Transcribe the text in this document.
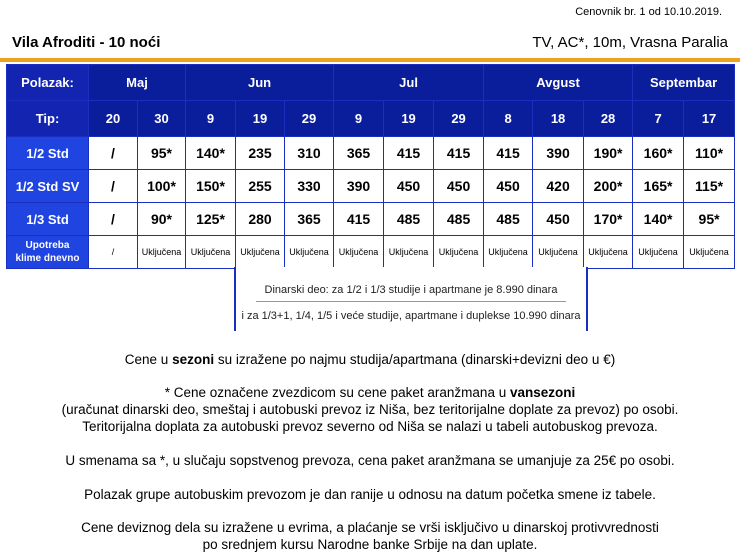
Cenovnik br. 1 od 10.10.2019.
Vila Afroditi - 10 noći	TV, AC*, 10m, Vrasna Paralia
Polazak:	Maj		Jun			Jul			Avgust			Septembar	
Tip:	20	30	9	19	29	9	19	29	8	18	28	7	17
1/2 Std	/	95*	140*	235	310	365	415	415	415	390	190*	160*	110*
1/2 Std SV	/	100*	150*	255	330	390	450	450	450	420	200*	165*	115*
1/3 Std	/	90*	125*	280	365	415	485	485	485	450	170*	140*	95*
Upotreba
klime dnevno	/	Uključena	Uključena	Uključena	Uključena	Uključena	Uključena	Uključena	Uključena	Uključena	Uključena	Uključena	Uključena
Dinarski deo: za 1/2 i 1/3 studije i apartmane je 8.990 dinara
i za 1/3+1, 1/4, 1/5 i veće studije, apartmane i duplekse 10.990 dinara
Cene u sezoni su izražene po najmu studija/apartmana (dinarski+devizni deo u €)
* Cene označene zvezdicom su cene paket aranžmana u vansezoni
(uračunat dinarski deo, smeštaj i autobuski prevoz iz Niša, bez teritorijalne doplate za prevoz) po osobi.
Teritorijalna doplata za autobuski prevoz severno od Niša se nalazi u tabeli autobuskog prevoza.
U smenama sa *, u slučaju sopstvenog prevoza, cena paket aranžmana se umanjuje za 25€ po osobi.
Polazak grupe autobuskim prevozom je dan ranije u odnosu na datum početka smene iz tabele.
Cene deviznog dela su izražene u evrima, a plaćanje se vrši isključivo u dinarskoj protivvrednosti
po srednjem kursu Narodne banke Srbije na dan uplate.
